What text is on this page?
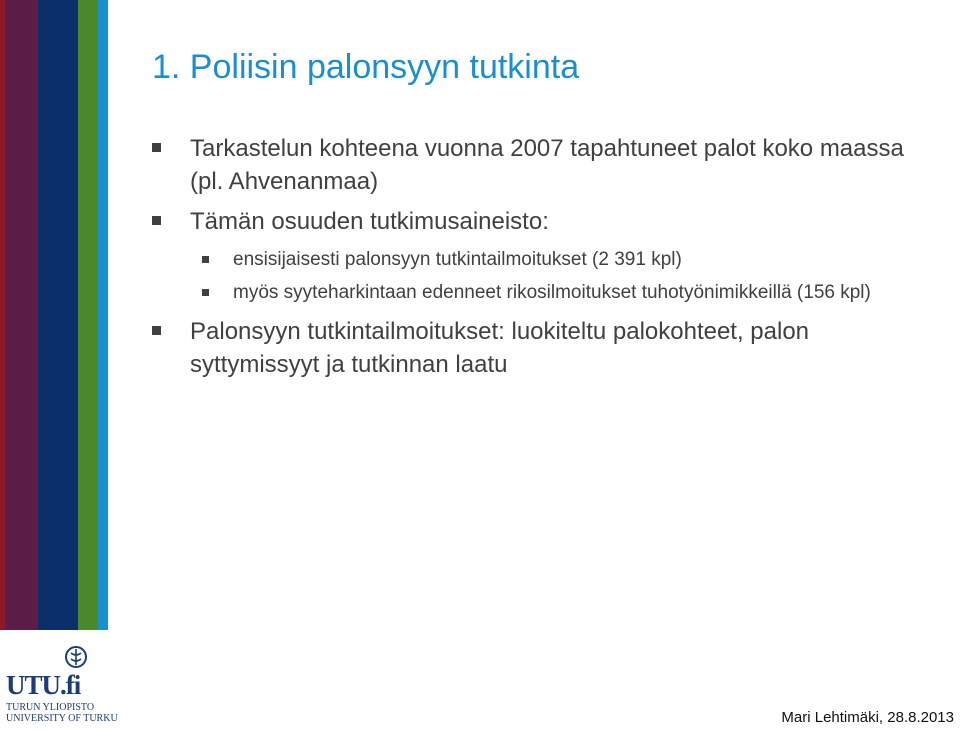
UTU.fi
TURUN YLIOPISTO
UNIVERSITY OF TURKU
1. Poliisin palonsyyn tutkinta
Tarkastelun kohteena vuonna 2007 tapahtuneet palot koko maassa (pl. Ahvenanmaa)
Tämän osuuden tutkimusaineisto:
ensisijaisesti palonsyyn tutkintailmoitukset (2 391 kpl)
myös syyteharkintaan edenneet rikosilmoitukset tuhotyönimikkeillä (156 kpl)
Palonsyyn tutkintailmoitukset: luokiteltu palokohteet, palon syttymissyyt ja tutkinnan laatu
Mari Lehtimäki, 28.8.2013
